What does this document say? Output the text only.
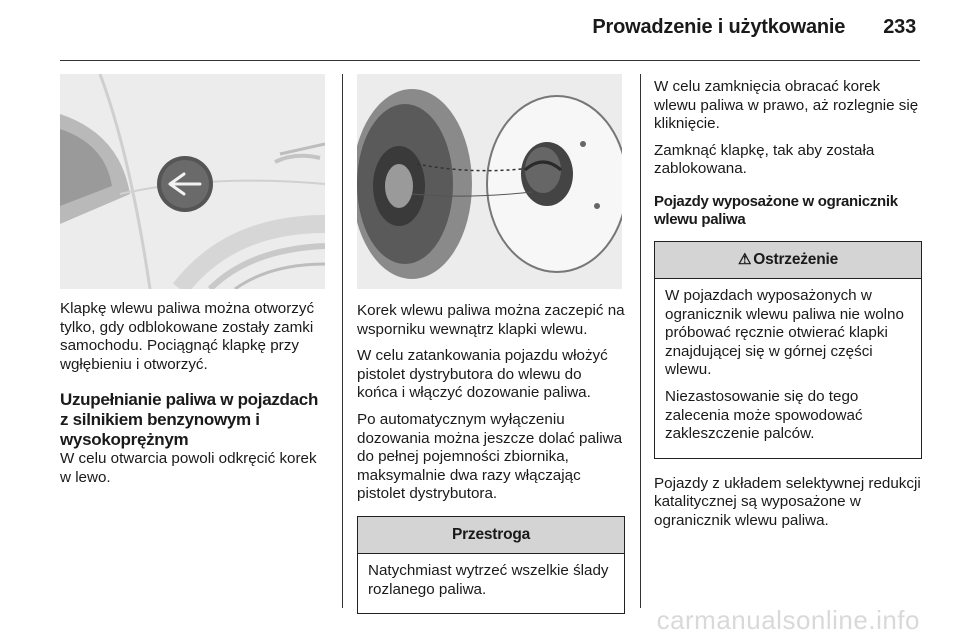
Prowadzenie i użytkowanie 233

Klapkę wlewu paliwa można otworzyć tylko, gdy odblokowane zostały zamki samochodu. Pociągnąć klapkę przy wgłębieniu i otworzyć.

Uzupełnianie paliwa w pojazdach z silnikiem benzynowym i wysokoprężnym

W celu otwarcia powoli odkręcić korek w lewo.

Korek wlewu paliwa można zaczepić na wsporniku wewnątrz klapki wlewu.

W celu zatankowania pojazdu włożyć pistolet dystrybutora do wlewu do końca i włączyć dozowanie paliwa.

Po automatycznym wyłączeniu dozowania można jeszcze dolać paliwa do pełnej pojemności zbiornika, maksymalnie dwa razy włączając pistolet dystrybutora.

Przestroga

Natychmiast wytrzeć wszelkie ślady rozlanego paliwa.

W celu zamknięcia obracać korek wlewu paliwa w prawo, aż rozlegnie się kliknięcie.

Zamknąć klapkę, tak aby została zablokowana.

Pojazdy wyposażone w ogranicznik wlewu paliwa
⚠ Ostrzeżenie

W pojazdach wyposażonych w ogranicznik wlewu paliwa nie wolno próbować ręcznie otwierać klapki znajdującej się w górnej części wlewu.

Niezastosowanie się do tego zalecenia może spowodować zakleszczenie palców.

Pojazdy z układem selektywnej redukcji katalitycznej są wyposażone w ogranicznik wlewu paliwa.

carmanualsonline.info
